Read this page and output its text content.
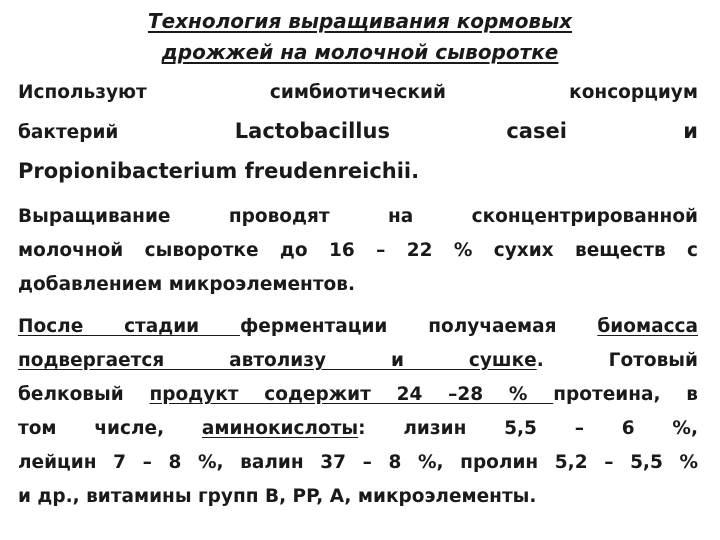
Технология выращивания кормовых
дрожжей на молочной сыворотке
Используют симбиотический консорциум
бактерий	Lactobacillus	casei	и
Propionibacterium freudenreichii.
Выращивание проводят на сконцентрированной
молочной сыворотке до 16 – 22 % сухих веществ с
добавлением микроэлементов.
После стадии ферментации получаемая биомасса
подвергается автолизу и сушке. Готовый
белковый продукт содержит 24 –28 % протеина, в
том числе, аминокислоты: лизин 5,5 – 6 %,
лейцин 7 – 8 %, валин 37 – 8 %, пролин 5,2 – 5,5 %
и др., витамины групп B, PP, A, микроэлементы.
